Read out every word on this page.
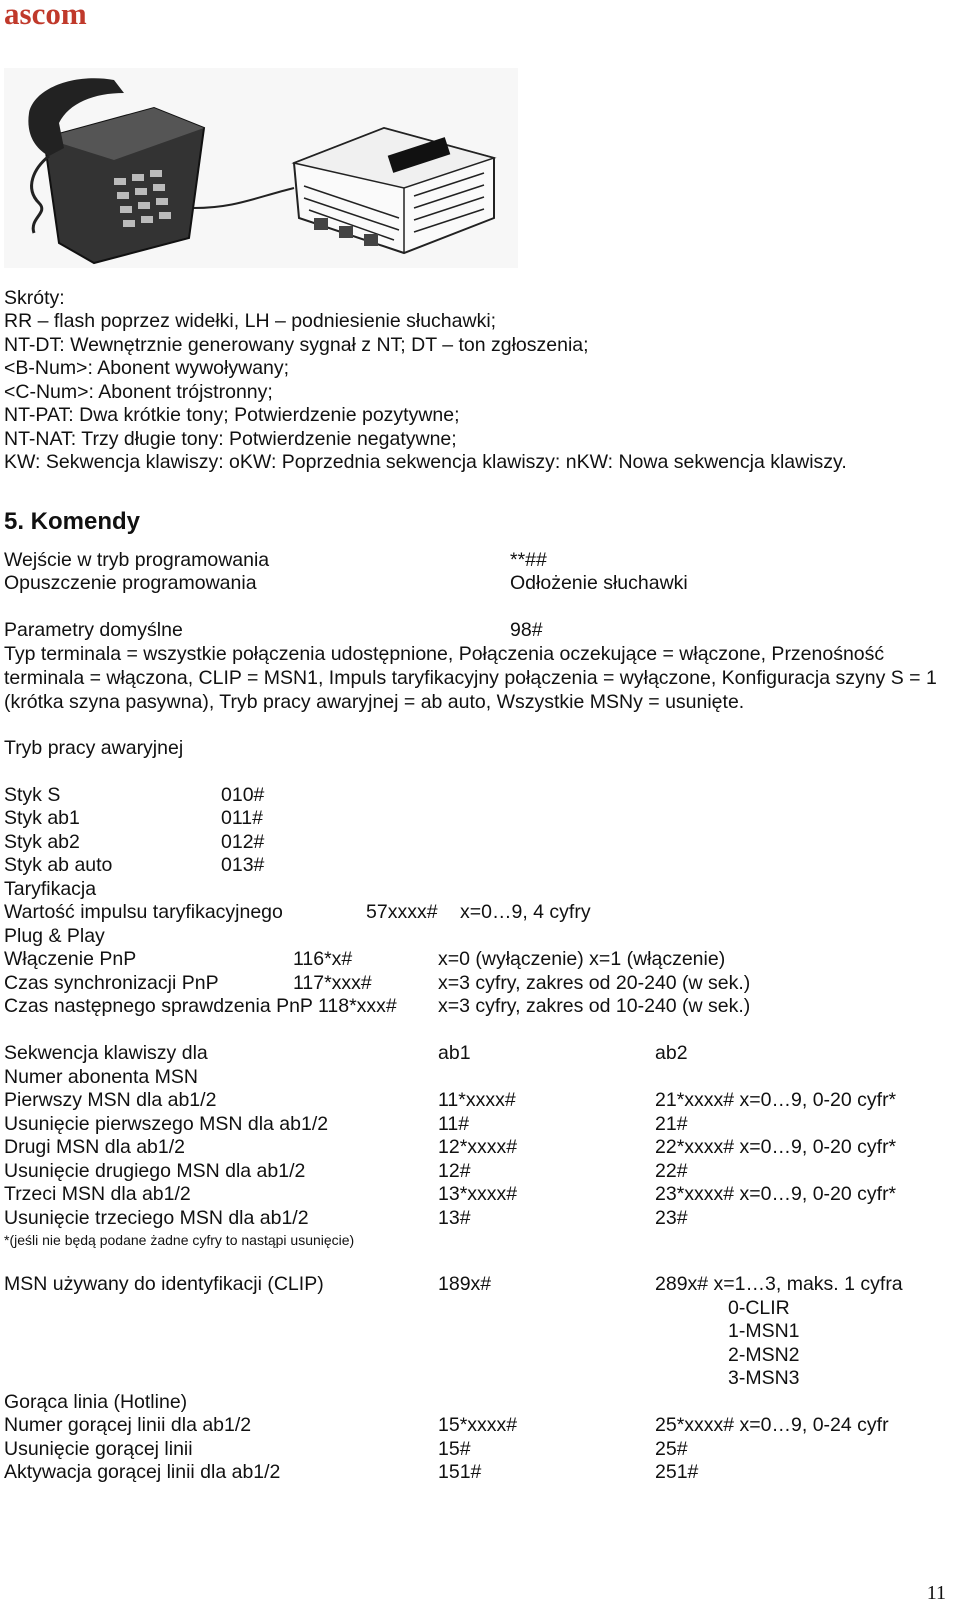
ascom
Skróty:
RR – flash poprzez widełki, LH – podniesienie słuchawki;
NT-DT: Wewnętrznie generowany sygnał z NT; DT – ton zgłoszenia;
<B-Num>: Abonent wywoływany;
<C-Num>: Abonent trójstronny;
NT-PAT: Dwa krótkie tony; Potwierdzenie pozytywne;
NT-NAT: Trzy długie tony: Potwierdzenie negatywne;
KW: Sekwencja klawiszy: oKW: Poprzednia sekwencja klawiszy: nKW: Nowa sekwencja klawiszy.
5. Komendy
Wejście w tryb programowania	**##
Opuszczenie programowania	Odłożenie słuchawki
Parametry domyślne	98#
Typ terminala = wszystkie połączenia udostępnione, Połączenia oczekujące = włączone, Przenośność terminala = włączona, CLIP = MSN1, Impuls taryfikacyjny połączenia = wyłączone, Konfiguracja szyny S = 1 (krótka szyna pasywna), Tryb pracy awaryjnej = ab auto, Wszystkie MSNy = usunięte.
Tryb pracy awaryjnej
Styk S	010#
Styk ab1	011#
Styk ab2	012#
Styk ab auto	013#
Taryfikacja
Wartość impulsu taryfikacyjnego	57xxxx# x=0…9, 4 cyfry
Plug & Play
Włączenie PnP	116*x#	x=0 (wyłączenie) x=1 (włączenie)
Czas synchronizacji PnP	117*xxx#	x=3 cyfry, zakres od 20-240 (w sek.)
Czas następnego sprawdzenia PnP 118*xxx# x=3 cyfry, zakres od 10-240 (w sek.)
Sekwencja klawiszy dla	ab1	ab2
Numer abonenta MSN
Pierwszy MSN dla ab1/2	11*xxxx#	21*xxxx# x=0…9, 0-20 cyfr*
Usunięcie pierwszego MSN dla ab1/2	11#	21#
Drugi MSN dla ab1/2	12*xxxx#	22*xxxx# x=0…9, 0-20 cyfr*
Usunięcie drugiego MSN dla ab1/2	12#	22#
Trzeci MSN dla ab1/2	13*xxxx#	23*xxxx# x=0…9, 0-20 cyfr*
Usunięcie trzeciego MSN dla ab1/2	13#	23#
*(jeśli nie będą podane żadne cyfry to nastąpi usunięcie)
MSN używany do identyfikacji (CLIP)	189x#	289x# x=1…3, maks. 1 cyfra
0-CLIR
1-MSN1
2-MSN2
3-MSN3
Gorąca linia (Hotline)
Numer gorącej linii dla ab1/2	15*xxxx#	25*xxxx# x=0…9, 0-24 cyfr
Usunięcie gorącej linii	15#	25#
Aktywacja gorącej linii dla ab1/2	151#	251#
11
